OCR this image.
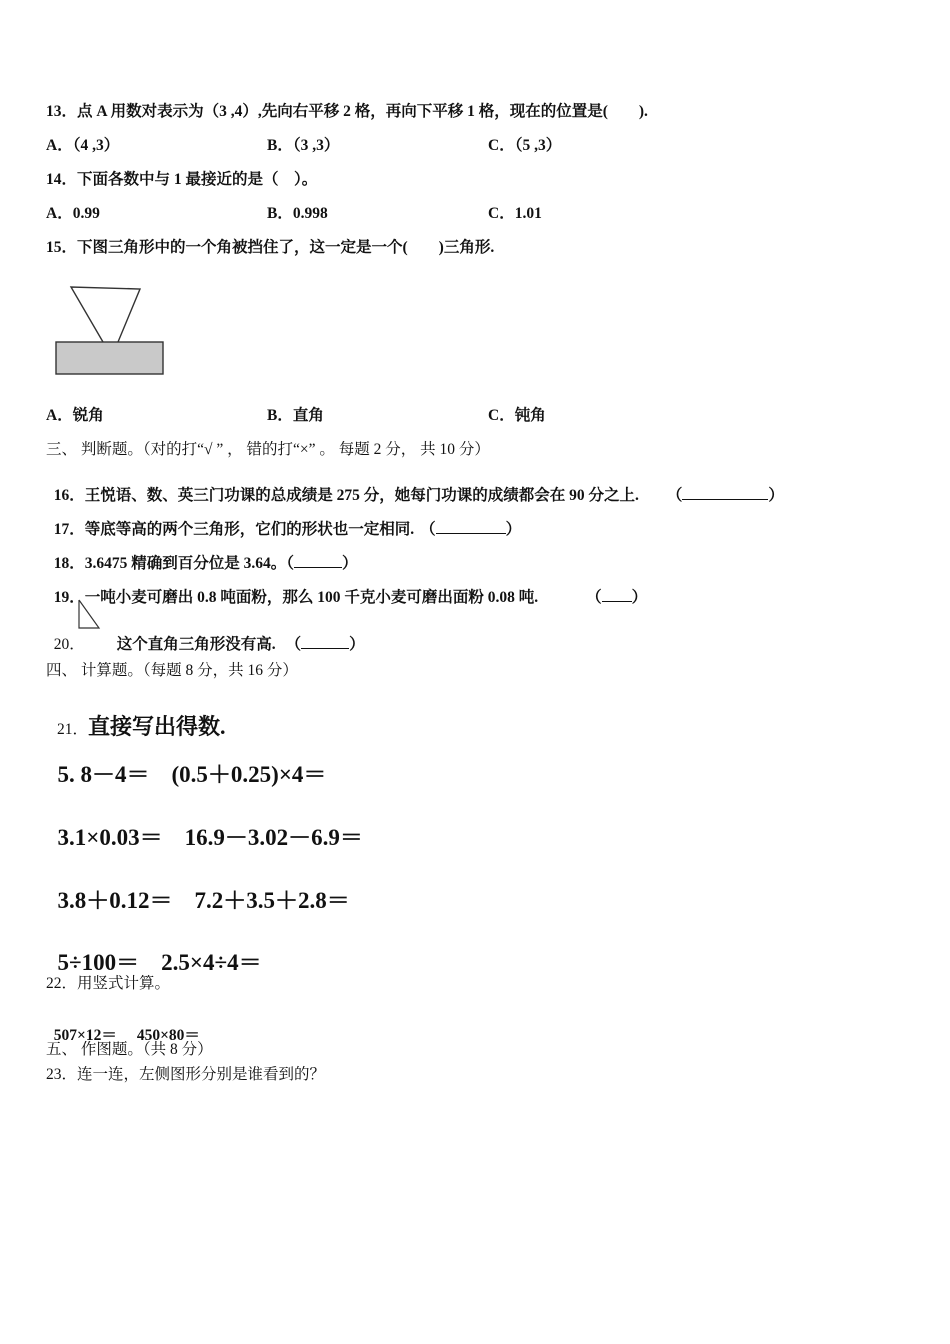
13．点 A 用数对表示为（3 ,4）,先向右平移 2 格，再向下平移 1 格，现在的位置是(　　).
A．（4 ,3）	B．（3 ,3）	C．（5 ,3）
14．下面各数中与 1 最接近的是（　）。
A．0.99	B．0.998	C．1.01
15．下图三角形中的一个角被挡住了，这一定是一个(　　)三角形.
A．锐角	B．直角	C．钝角
三、 判断题。（对的打“√ ” ， 错的打“×” 。 每题 2 分， 共 10 分）

16．王悦语、数、英三门功课的总成绩是 275 分，她每门功课的成绩都会在 90 分之上. （	）

17．等底等高的两个三角形，它们的形状也一定相同. （	）

18．3.6475 精确到百分位是 3.64。（	）

19．一吨小麦可磨出 0.8 吨面粉，那么 100 千克小麦可磨出面粉 0.08 吨.	（ ）

20． 这个直角三角形没有高. （	）

四、 计算题。（每题 8 分，共 16 分）

21．直接写出得数.

5. 8－4＝ (0.5＋0.25)×4＝

3.1×0.03＝ 16.9－3.02－6.9＝

3.8＋0.12＝ 7.2＋3.5＋2.8＝

5÷100＝ 2.5×4÷4＝

22．用竖式计算。

507×12＝ 450×80＝

五、 作图题。（共 8 分）
23．连一连，左侧图形分别是谁看到的？
